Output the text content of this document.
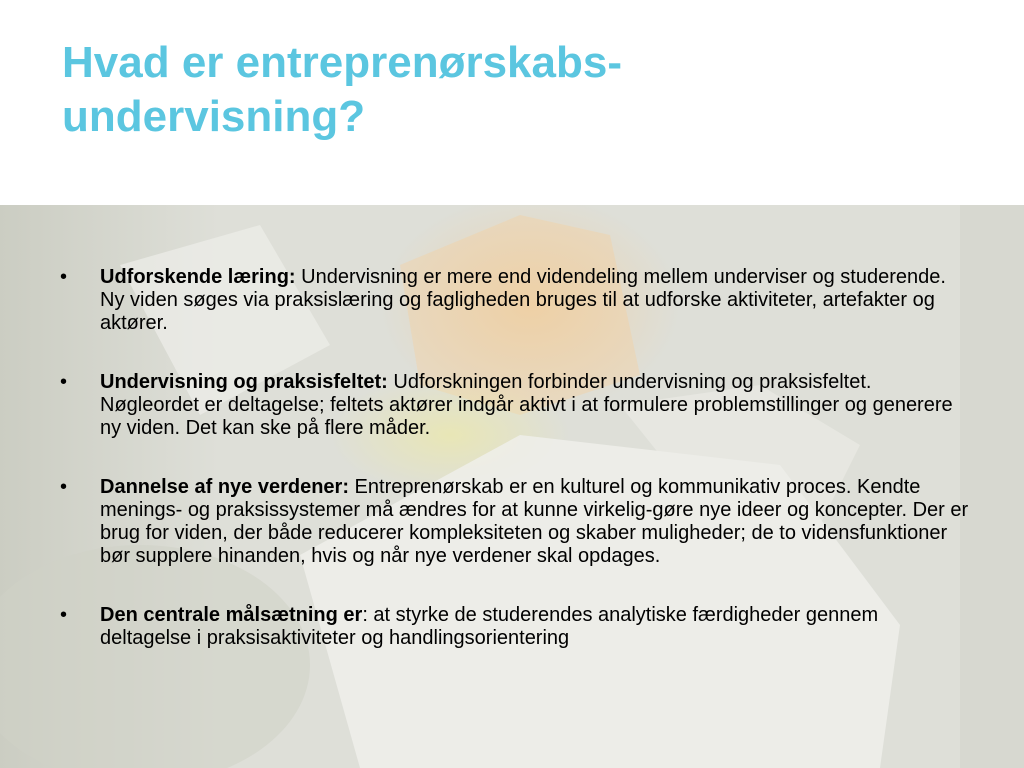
Hvad er entreprenørskabs-
undervisning?
• Udforskende læring: Undervisning er mere end videndeling mellem underviser og studerende. Ny viden søges via praksislæring og fagligheden bruges til at udforske aktiviteter, artefakter og aktører.
• Undervisning og praksisfeltet: Udforskningen forbinder undervisning og praksisfeltet. Nøgleordet er deltagelse; feltets aktører indgår aktivt i at formulere problemstillinger og generere ny viden. Det kan ske på flere måder.
• Dannelse af nye verdener: Entreprenørskab er en kulturel og kommunikativ proces. Kendte menings- og praksissystemer må ændres for at kunne virkelig-gøre nye ideer og koncepter. Der er brug for viden, der både reducerer kompleksiteten og skaber muligheder; de to vidensfunktioner bør supplere hinanden, hvis og når nye verdener skal opdages.
• Den centrale målsætning er: at styrke de studerendes analytiske færdigheder gennem deltagelse i praksisaktiviteter og handlingsorientering
